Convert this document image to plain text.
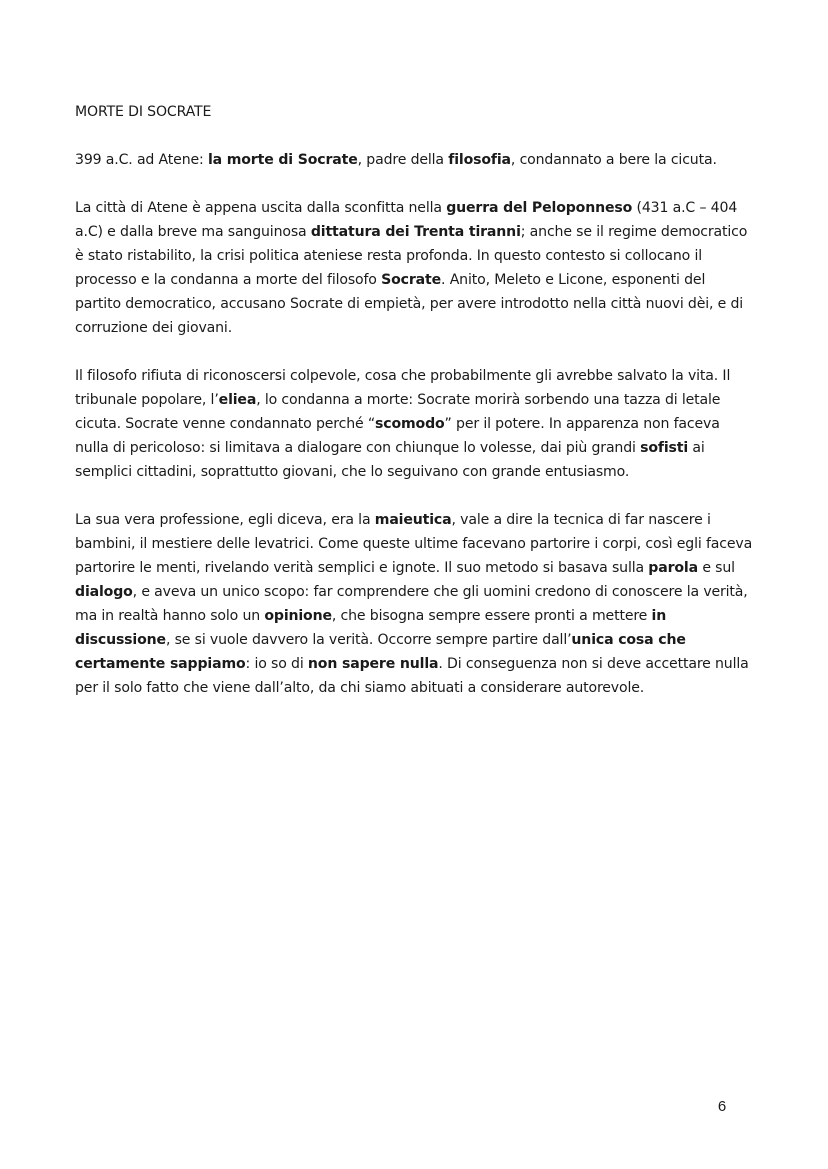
MORTE DI SOCRATE

399 a.C. ad Atene: la morte di Socrate, padre della filosofia, condannato a bere la cicuta.

La città di Atene è appena uscita dalla sconfitta nella guerra del Peloponneso (431 a.C – 404 a.C) e dalla breve ma sanguinosa dittatura dei Trenta tiranni; anche se il regime democratico è stato ristabilito, la crisi politica ateniese resta profonda. In questo contesto si collocano il processo e la condanna a morte del filosofo Socrate. Anito, Meleto e Licone, esponenti del partito democratico, accusano Socrate di empietà, per avere introdotto nella città nuovi dèi, e di corruzione dei giovani.

Il filosofo rifiuta di riconoscersi colpevole, cosa che probabilmente gli avrebbe salvato la vita. Il tribunale popolare, l’eliea, lo condanna a morte: Socrate morirà sorbendo una tazza di letale cicuta. Socrate venne condannato perché “scomodo” per il potere. In apparenza non faceva nulla di pericoloso: si limitava a dialogare con chiunque lo volesse, dai più grandi sofisti ai semplici cittadini, soprattutto giovani, che lo seguivano con grande entusiasmo.

La sua vera professione, egli diceva, era la maieutica, vale a dire la tecnica di far nascere i bambini, il mestiere delle levatrici. Come queste ultime facevano partorire i corpi, così egli faceva partorire le menti, rivelando verità semplici e ignote. Il suo metodo si basava sulla parola e sul dialogo, e aveva un unico scopo: far comprendere che gli uomini credono di conoscere la verità, ma in realtà hanno solo un opinione, che bisogna sempre essere pronti a mettere in discussione, se si vuole davvero la verità. Occorre sempre partire dall’unica cosa che certamente sappiamo: io so di non sapere nulla. Di conseguenza non si deve accettare nulla per il solo fatto che viene dall’alto, da chi siamo abituati a considerare autorevole.

6
